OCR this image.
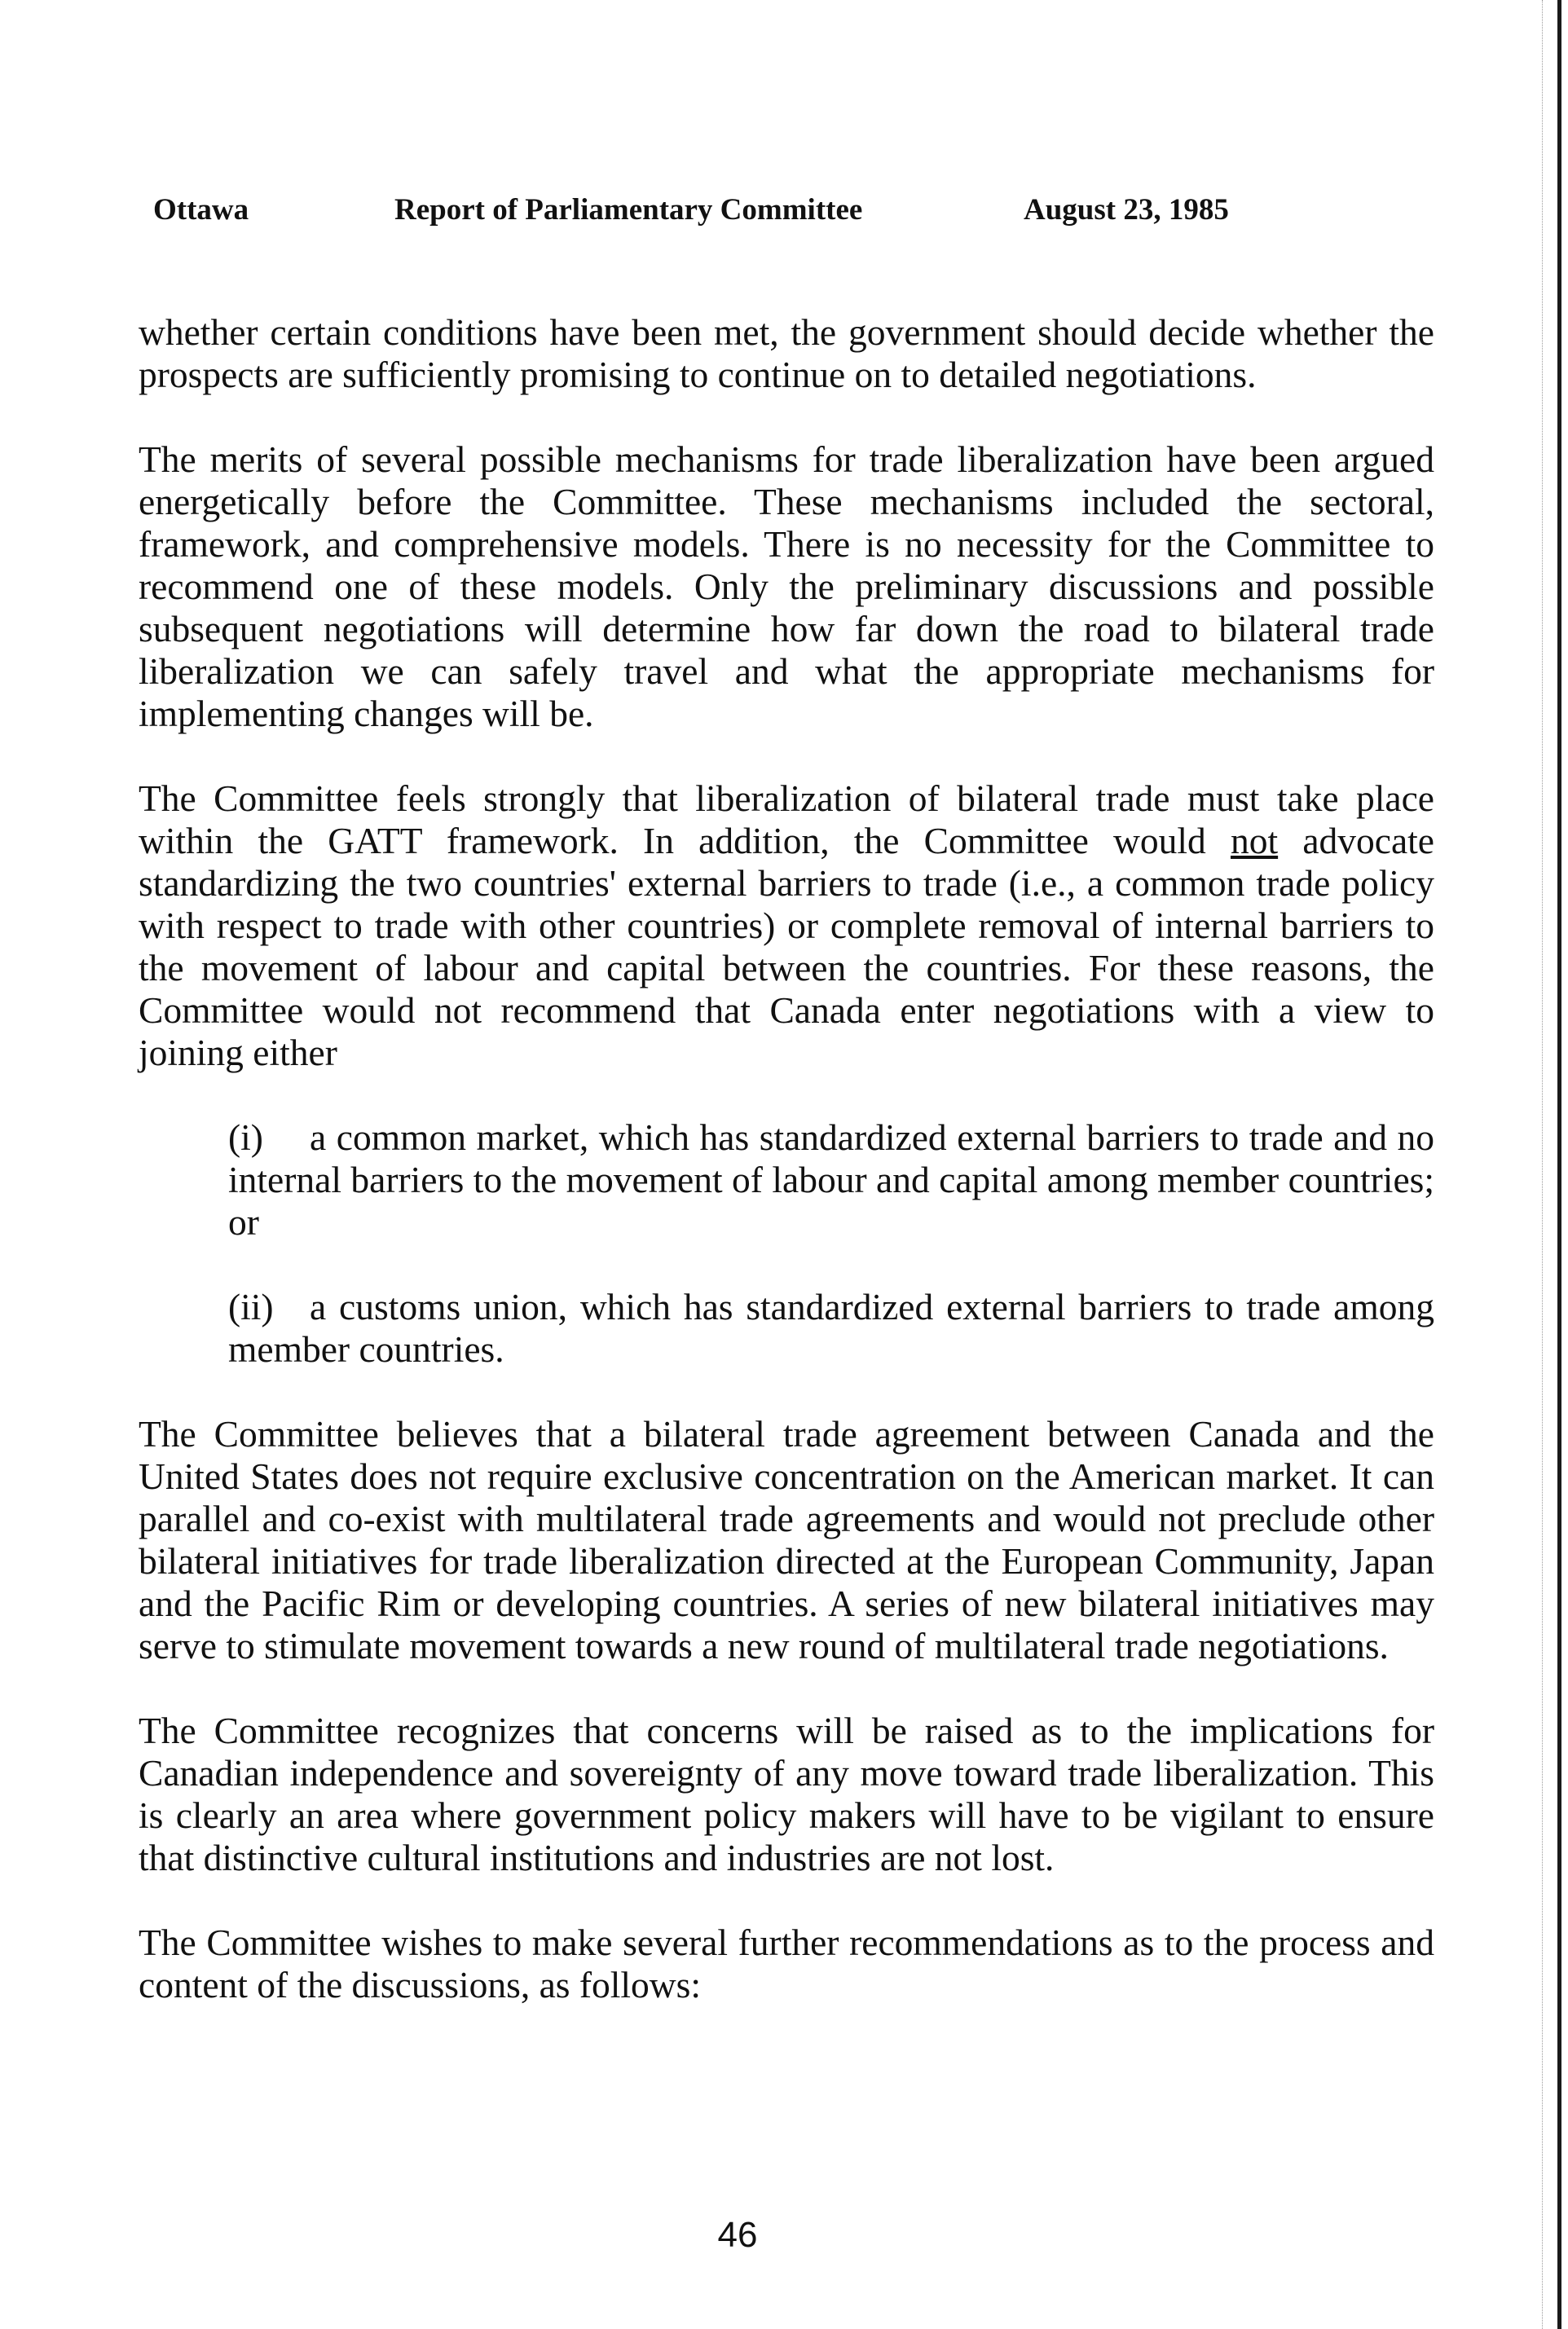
Ottawa	Report of Parliamentary Committee	August 23, 1985

whether certain conditions have been met, the government should decide whether the prospects are sufficiently promising to continue on to detailed negotiations.

The merits of several possible mechanisms for trade liberalization have been argued energetically before the Committee. These mechanisms included the sectoral, framework, and comprehensive models. There is no necessity for the Committee to recommend one of these models. Only the preliminary discussions and possible subsequent negotiations will determine how far down the road to bilateral trade liberalization we can safely travel and what the appropriate mechanisms for implementing changes will be.

The Committee feels strongly that liberalization of bilateral trade must take place within the GATT framework. In addition, the Committee would not advocate standardizing the two countries' external barriers to trade (i.e., a common trade policy with respect to trade with other countries) or complete removal of internal barriers to the movement of labour and capital between the countries. For these reasons, the Committee would not recommend that Canada enter negotiations with a view to joining either

(i) a common market, which has standardized external barriers to trade and no internal barriers to the movement of labour and capital among member countries; or

(ii) a customs union, which has standardized external barriers to trade among member countries.

The Committee believes that a bilateral trade agreement between Canada and the United States does not require exclusive concentration on the American market. It can parallel and co-exist with multilateral trade agreements and would not preclude other bilateral initiatives for trade liberalization directed at the European Community, Japan and the Pacific Rim or developing countries. A series of new bilateral initiatives may serve to stimulate movement towards a new round of multilateral trade negotiations.

The Committee recognizes that concerns will be raised as to the implications for Canadian independence and sovereignty of any move toward trade liberalization. This is clearly an area where government policy makers will have to be vigilant to ensure that distinctive cultural institutions and industries are not lost.

The Committee wishes to make several further recommendations as to the process and content of the discussions, as follows:

46
